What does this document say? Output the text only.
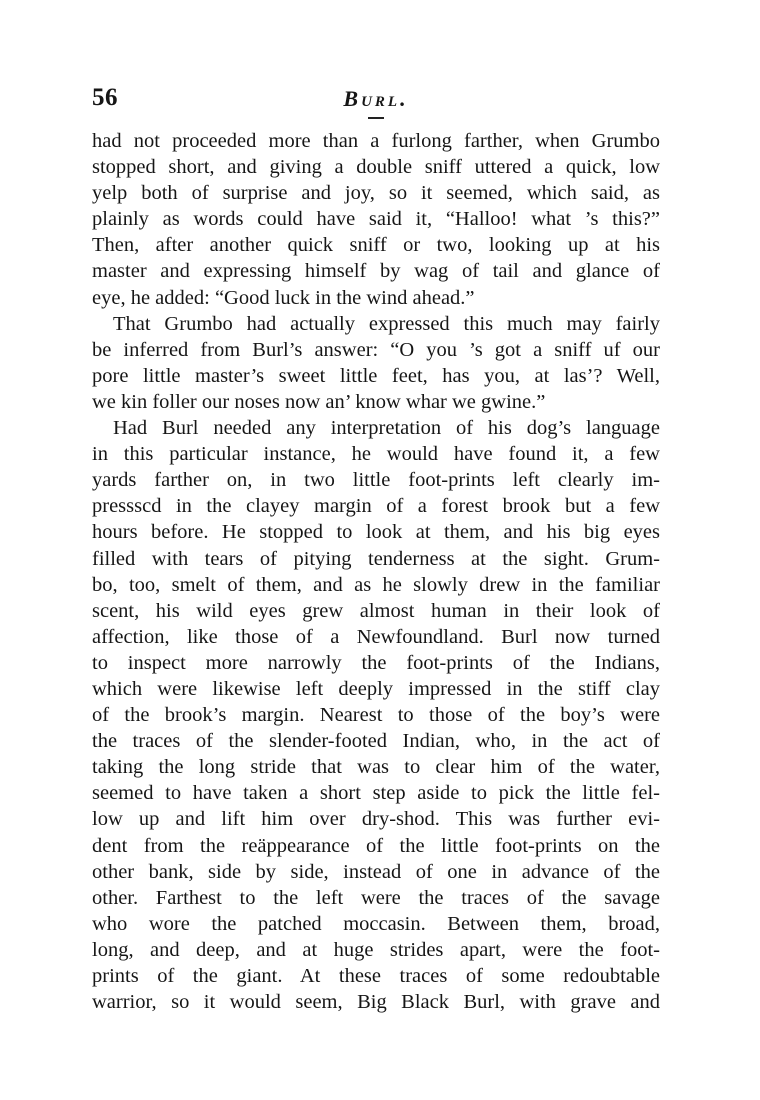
56	Burl.
had not proceeded more than a furlong farther, when Grumbo
stopped short, and giving a double sniff uttered a quick, low
yelp both of surprise and joy, so it seemed, which said, as
plainly as words could have said it, “Halloo! what ’s this?”
Then, after another quick sniff or two, looking up at his
master and expressing himself by wag of tail and glance of
eye, he added: “Good luck in the wind ahead.”
That Grumbo had actually expressed this much may fairly
be inferred from Burl’s answer: “O you ’s got a sniff uf our
pore little master’s sweet little feet, has you, at las’? Well,
we kin foller our noses now an’ know whar we gwine.”
Had Burl needed any interpretation of his dog’s language
in this particular instance, he would have found it, a few
yards farther on, in two little foot-prints left clearly im-
pressscd in the clayey margin of a forest brook but a few
hours before. He stopped to look at them, and his big eyes
filled with tears of pitying tenderness at the sight. Grum-
bo, too, smelt of them, and as he slowly drew in the familiar
scent, his wild eyes grew almost human in their look of
affection, like those of a Newfoundland. Burl now turned
to inspect more narrowly the foot-prints of the Indians,
which were likewise left deeply impressed in the stiff clay
of the brook’s margin. Nearest to those of the boy’s were
the traces of the slender-footed Indian, who, in the act of
taking the long stride that was to clear him of the water,
seemed to have taken a short step aside to pick the little fel-
low up and lift him over dry-shod. This was further evi-
dent from the reäppearance of the little foot-prints on the
other bank, side by side, instead of one in advance of the
other. Farthest to the left were the traces of the savage
who wore the patched moccasin. Between them, broad,
long, and deep, and at huge strides apart, were the foot-
prints of the giant. At these traces of some redoubtable
warrior, so it would seem, Big Black Burl, with grave and
